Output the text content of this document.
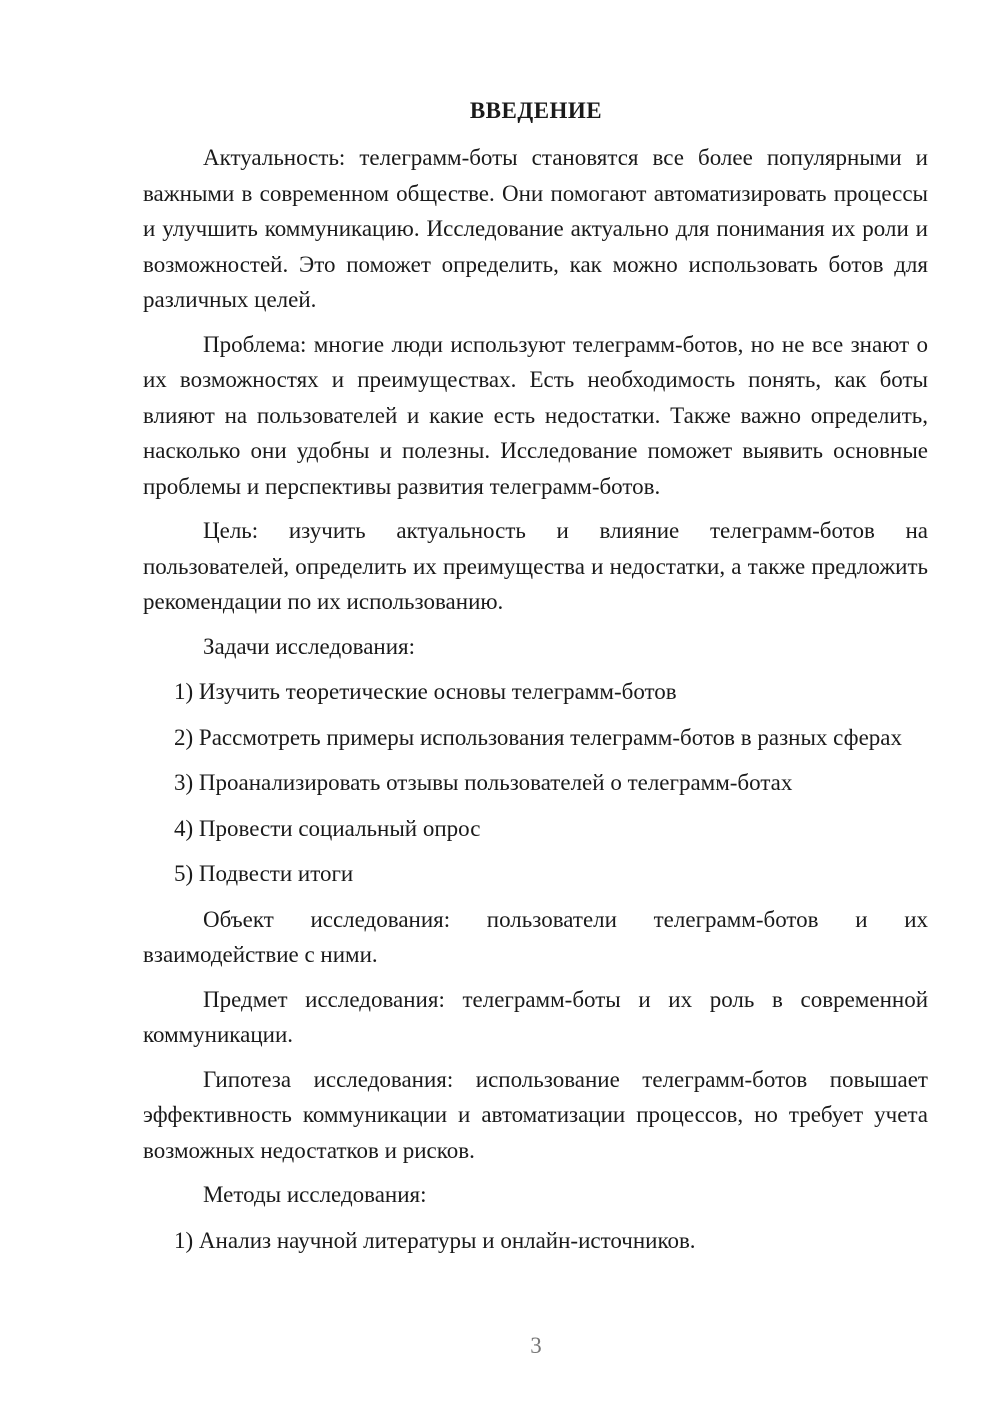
ВВЕДЕНИЕ

Актуальность: телеграмм-боты становятся все более популярными и важными в современном обществе. Они помогают автоматизировать процессы и улучшить коммуникацию. Исследование актуально для понимания их роли и возможностей. Это поможет определить, как можно использовать ботов для различных целей.

Проблема: многие люди используют телеграмм-ботов, но не все знают о их возможностях и преимуществах. Есть необходимость понять, как боты влияют на пользователей и какие есть недостатки. Также важно определить, насколько они удобны и полезны. Исследование поможет выявить основные проблемы и перспективы развития телеграмм-ботов.

Цель: изучить актуальность и влияние телеграмм-ботов на пользователей, определить их преимущества и недостатки, а также предложить рекомендации по их использованию.

Задачи исследования:

1) Изучить теоретические основы телеграмм-ботов

2) Рассмотреть примеры использования телеграмм-ботов в разных сферах

3) Проанализировать отзывы пользователей о телеграмм-ботах

4) Провести социальный опрос

5) Подвести итоги

Объект исследования: пользователи телеграмм-ботов и их взаимодействие с ними.

Предмет исследования: телеграмм-боты и их роль в современной коммуникации.

Гипотеза исследования: использование телеграмм-ботов повышает эффективность коммуникации и автоматизации процессов, но требует учета возможных недостатков и рисков.

Методы исследования:

1) Анализ научной литературы и онлайн-источников.

3
